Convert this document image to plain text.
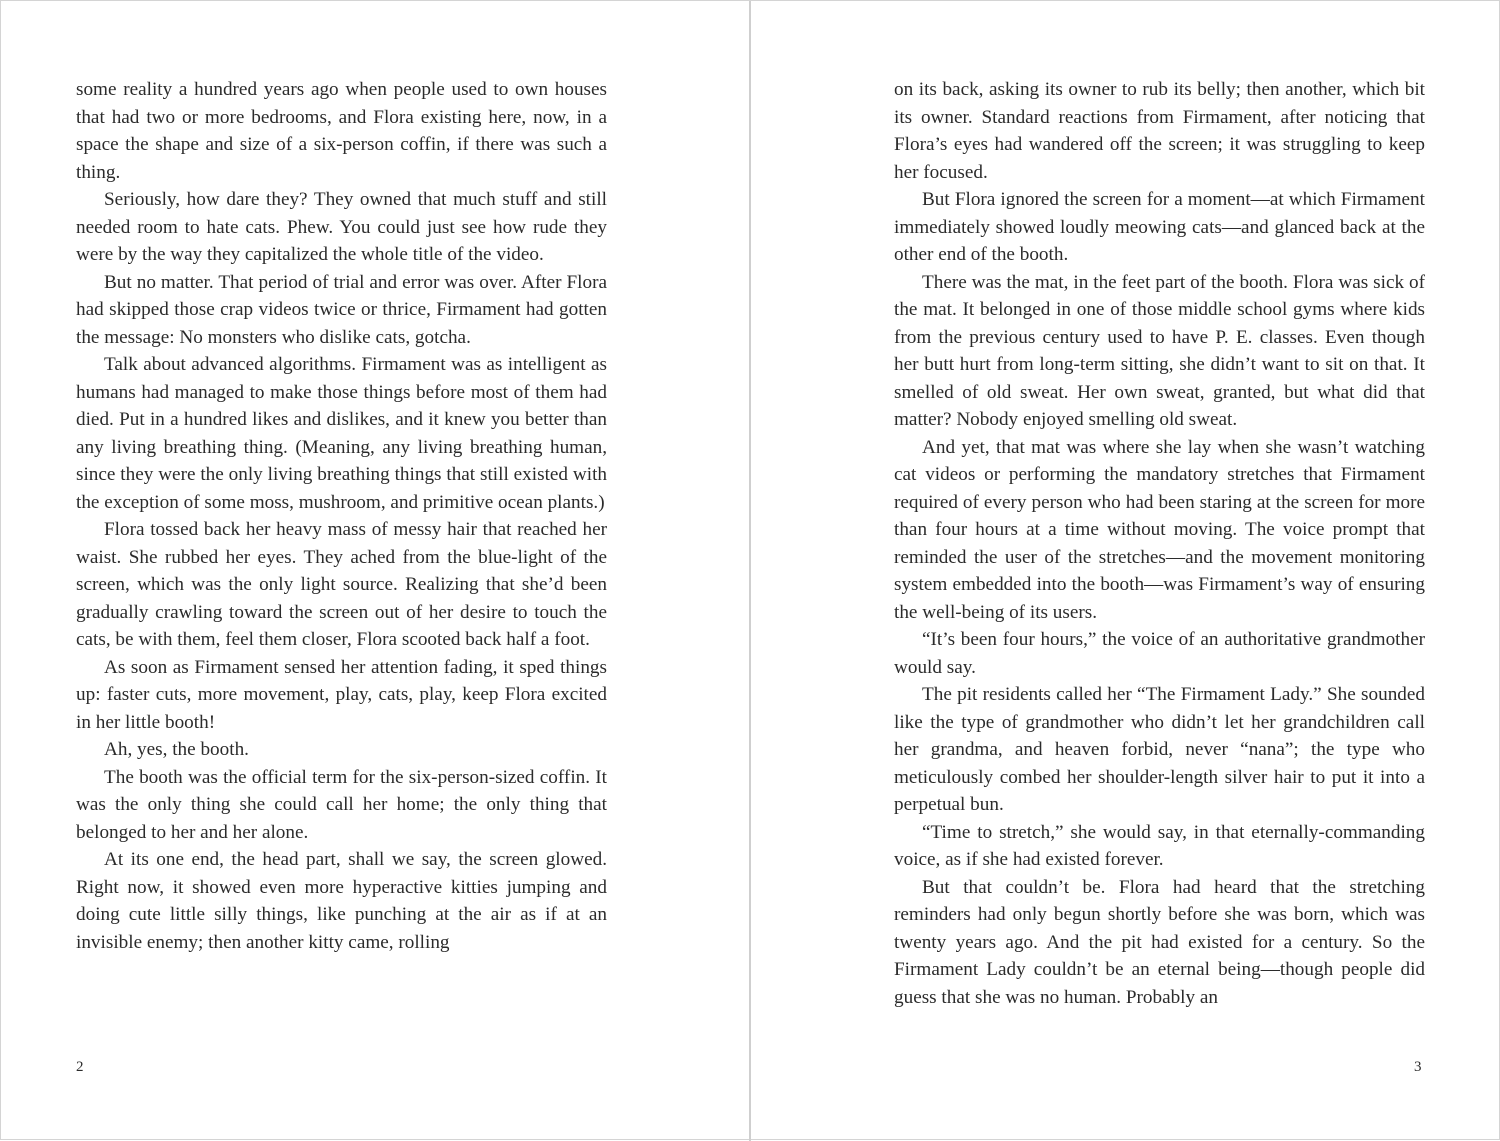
some reality a hundred years ago when people used to own houses that had two or more bedrooms, and Flora existing here, now, in a space the shape and size of a six-person coffin, if there was such a thing.

Seriously, how dare they? They owned that much stuff and still needed room to hate cats. Phew. You could just see how rude they were by the way they capitalized the whole title of the video.

But no matter. That period of trial and error was over. After Flora had skipped those crap videos twice or thrice, Firmament had gotten the message: No monsters who dislike cats, gotcha.

Talk about advanced algorithms. Firmament was as intelligent as humans had managed to make those things before most of them had died. Put in a hundred likes and dislikes, and it knew you better than any living breathing thing. (Meaning, any living breathing human, since they were the only living breathing things that still existed with the exception of some moss, mushroom, and primitive ocean plants.)

Flora tossed back her heavy mass of messy hair that reached her waist. She rubbed her eyes. They ached from the blue-light of the screen, which was the only light source. Realizing that she’d been gradually crawling toward the screen out of her desire to touch the cats, be with them, feel them closer, Flora scooted back half a foot.

As soon as Firmament sensed her attention fading, it sped things up: faster cuts, more movement, play, cats, play, keep Flora excited in her little booth!

Ah, yes, the booth.

The booth was the official term for the six-person-sized coffin. It was the only thing she could call her home; the only thing that belonged to her and her alone.

At its one end, the head part, shall we say, the screen glowed. Right now, it showed even more hyperactive kitties jumping and doing cute little silly things, like punching at the air as if at an invisible enemy; then another kitty came, rolling

2

on its back, asking its owner to rub its belly; then another, which bit its owner. Standard reactions from Firmament, after noticing that Flora’s eyes had wandered off the screen; it was struggling to keep her focused.

But Flora ignored the screen for a moment—at which Firmament immediately showed loudly meowing cats—and glanced back at the other end of the booth.

There was the mat, in the feet part of the booth. Flora was sick of the mat. It belonged in one of those middle school gyms where kids from the previous century used to have P. E. classes. Even though her butt hurt from long-term sitting, she didn’t want to sit on that. It smelled of old sweat. Her own sweat, granted, but what did that matter? Nobody enjoyed smelling old sweat.

And yet, that mat was where she lay when she wasn’t watching cat videos or performing the mandatory stretches that Firmament required of every person who had been staring at the screen for more than four hours at a time without moving. The voice prompt that reminded the user of the stretches—and the movement monitoring system embedded into the booth—was Firmament’s way of ensuring the well-being of its users.

“It’s been four hours,” the voice of an authoritative grandmother would say.

The pit residents called her “The Firmament Lady.” She sounded like the type of grandmother who didn’t let her grandchildren call her grandma, and heaven forbid, never “nana”; the type who meticulously combed her shoulder-length silver hair to put it into a perpetual bun.

“Time to stretch,” she would say, in that eternally-commanding voice, as if she had existed forever.

But that couldn’t be. Flora had heard that the stretching reminders had only begun shortly before she was born, which was twenty years ago. And the pit had existed for a century. So the Firmament Lady couldn’t be an eternal being—though people did guess that she was no human. Probably an

3
